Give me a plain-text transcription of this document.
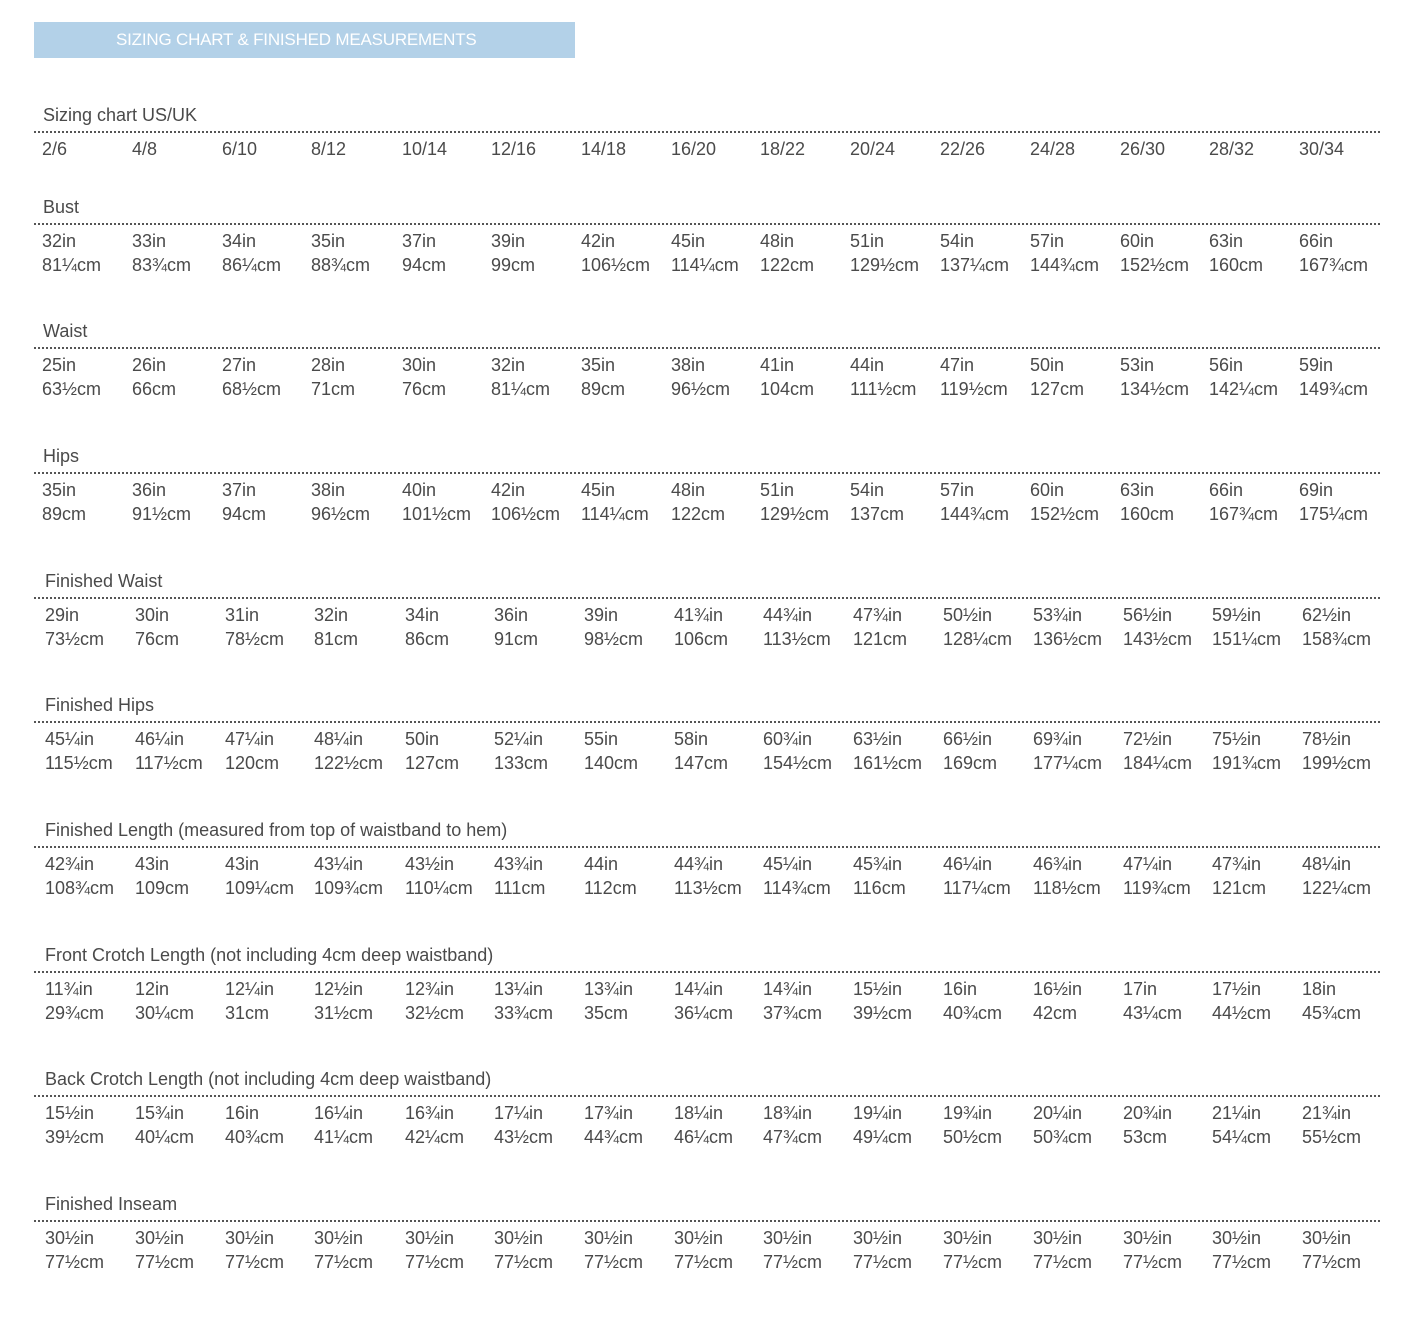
SIZING CHART & FINISHED MEASUREMENTS
Sizing chart US/UK
2/6	4/8	6/10	8/12	10/14 12/16 14/18 16/20 18/22 20/24 22/26 24/28 26/30 28/32 30/34
Bust
32in	33in	34in	35in	37in	39in	42in	45in	48in	51in	54in	57in	60in	63in	66in
81¼cm 83¾cm 86¼cm 88¾cm 94cm 99cm	106½cm 114¼cm 122cm 129½cm 137¼cm 144¾cm 152½cm 160cm 167¾cm
Waist
25in	26in	27in	28in	30in	32in	35in	38in	41in	44in	47in	50in	53in	56in	59in
63½cm 66cm	68½cm 71cm	76cm 81¼cm 89cm	96½cm 104cm 111½cm 119½cm 127cm 134½cm 142¼cm 149¾cm
Hips
35in	36in	37in	38in	40in	42in	45in	48in	51in	54in	57in	60in	63in	66in	69in
89cm	91½cm 94cm 96½cm 101½cm 106½cm 114¼cm 122cm 129½cm 137cm 144¾cm 152½cm 160cm 167¾cm 175¼cm
Finished Waist
29in	30in	31in	32in	34in	36in	39in	41¾in 44¾in 47¾in 50½in 53¾in 56½in 59½in 62½in
73½cm 76cm	78½cm 81cm	86cm 91cm	98½cm 106cm 113½cm 121cm 128¼cm 136½cm 143½cm 151¼cm 158¾cm
Finished Hips
45¼in 46¼in 47¼in 48¼in 50in	52¼in 55in	58in	60¾in 63½in 66½in 69¾in 72½in 75½in 78½in
115½cm 117½cm 120cm 122½cm 127cm 133cm 140cm 147cm 154½cm 161½cm 169cm 177¼cm 184¼cm 191¾cm 199½cm
Finished Length (measured from top of waistband to hem)
42¾in 43in	43in	43¼in 43½in 43¾in 44in	44¾in 45¼in 45¾in 46¼in 46¾in 47¼in 47¾in 48¼in
108¾cm 109cm 109¼cm 109¾cm 110¼cm 111cm 112cm 113½cm 114¾cm 116cm 117¼cm 118½cm 119¾cm 121cm 122¼cm
Front Crotch Length (not including 4cm deep waistband)
11¾in 12in	12¼in 12½in 12¾in 13¼in 13¾in 14¼in 14¾in 15½in 16in	16½in 17in	17½in 18in
29¾cm 30¼cm 31cm 31½cm 32½cm 33¾cm 35cm	36¼cm 37¾cm 39½cm 40¾cm 42cm	43¼cm 44½cm 45¾cm
Back Crotch Length (not including 4cm deep waistband)
15½in 15¾in 16in	16¼in 16¾in 17¼in 17¾in 18¼in 18¾in 19¼in 19¾in 20¼in 20¾in 21¼in 21¾in
39½cm 40¼cm 40¾cm 41¼cm 42¼cm 43½cm 44¾cm 46¼cm 47¾cm 49¼cm 50½cm 50¾cm 53cm 54¼cm 55½cm
Finished Inseam
30½in 30½in 30½in 30½in 30½in 30½in 30½in 30½in 30½in 30½in 30½in 30½in 30½in 30½in 30½in
77½cm 77½cm 77½cm 77½cm 77½cm 77½cm 77½cm 77½cm 77½cm 77½cm 77½cm 77½cm 77½cm 77½cm 77½cm
